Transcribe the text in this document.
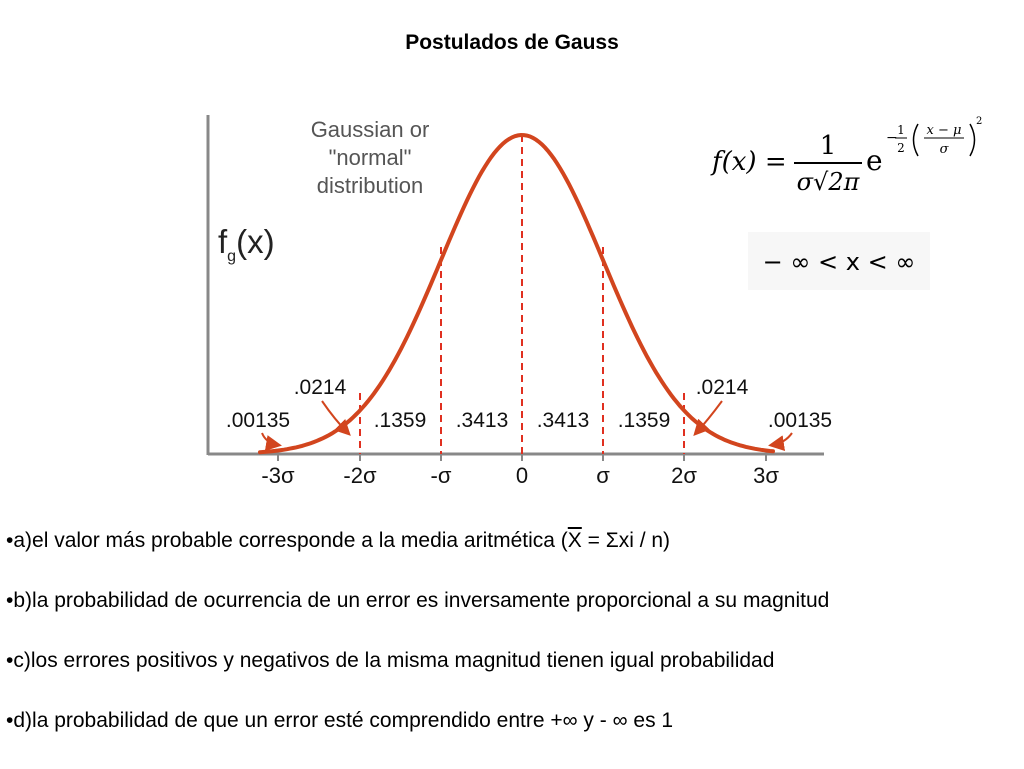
Postulados de Gauss
$f_g(x)$
Gaussian or
"normal"
distribution
.1359 .3413 .3413 .1359
.00135
.0214	.0214
.00135
-3σ -2σ -σ	0	σ	2σ	3σ
f(x) =
1
σ√2π
e
− 1
2
x − μ
σ
2
− ∞ < x < ∞
•a)el valor más probable corresponde a la media aritmética $(\overline{X} = \Sigma xi / n)$
•b)la probabilidad de ocurrencia de un error es inversamente proporcional a su magnitud
•c)los errores positivos y negativos de la misma magnitud tienen igual probabilidad
•d)la probabilidad de que un error esté comprendido entre +∞ y - ∞ es 1
